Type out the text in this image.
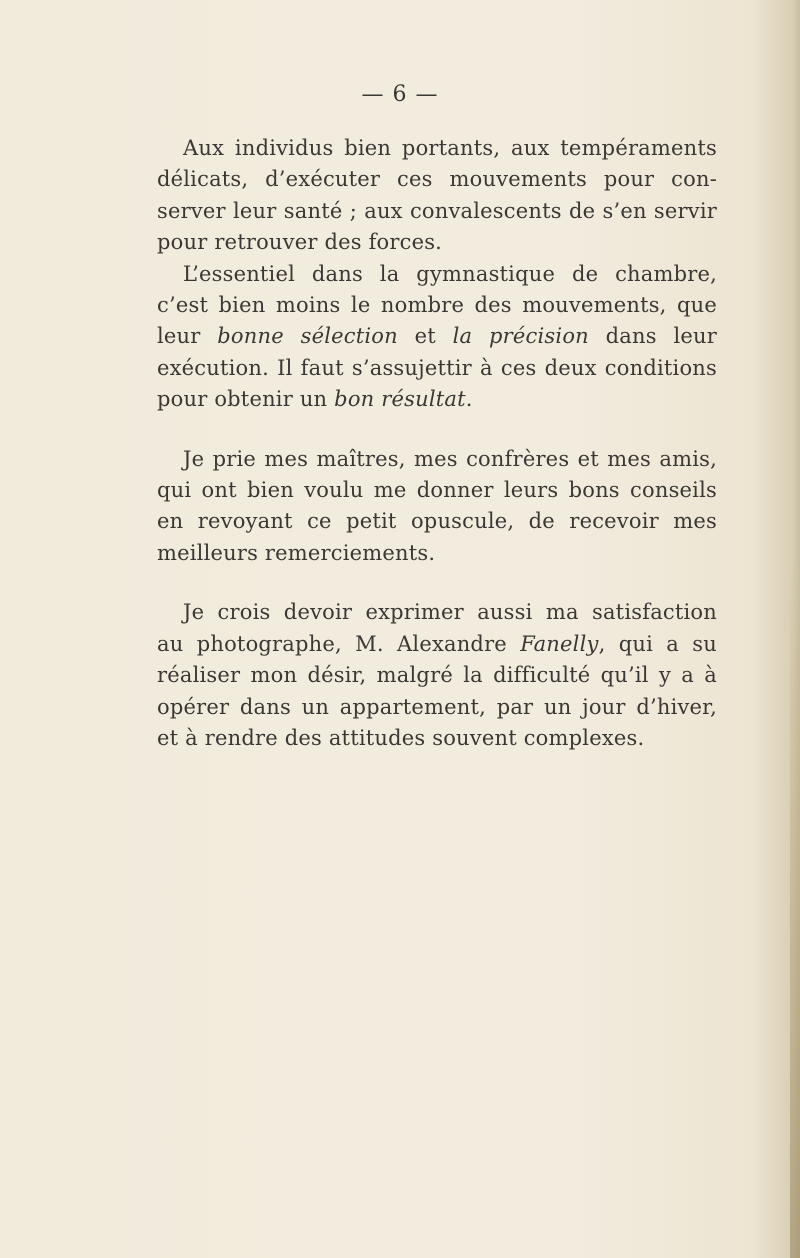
— 6 —

Aux individus bien portants, aux tempéraments
délicats, d’exécuter ces mouvements pour con-
server leur santé ; aux convalescents de s’en servir
pour retrouver des forces.

L’essentiel dans la gymnastique de chambre,
c’est bien moins le nombre des mouvements, que
leur bonne sélection et la précision dans leur
exécution. Il faut s’assujettir à ces deux conditions
pour obtenir un bon résultat.

Je prie mes maîtres, mes confrères et mes amis,
qui ont bien voulu me donner leurs bons conseils
en revoyant ce petit opuscule, de recevoir mes
meilleurs remerciements.

Je crois devoir exprimer aussi ma satisfaction
au photographe, M. Alexandre Fanelly, qui a su
réaliser mon désir, malgré la difficulté qu’il y a à
opérer dans un appartement, par un jour d’hiver,
et à rendre des attitudes souvent complexes.
